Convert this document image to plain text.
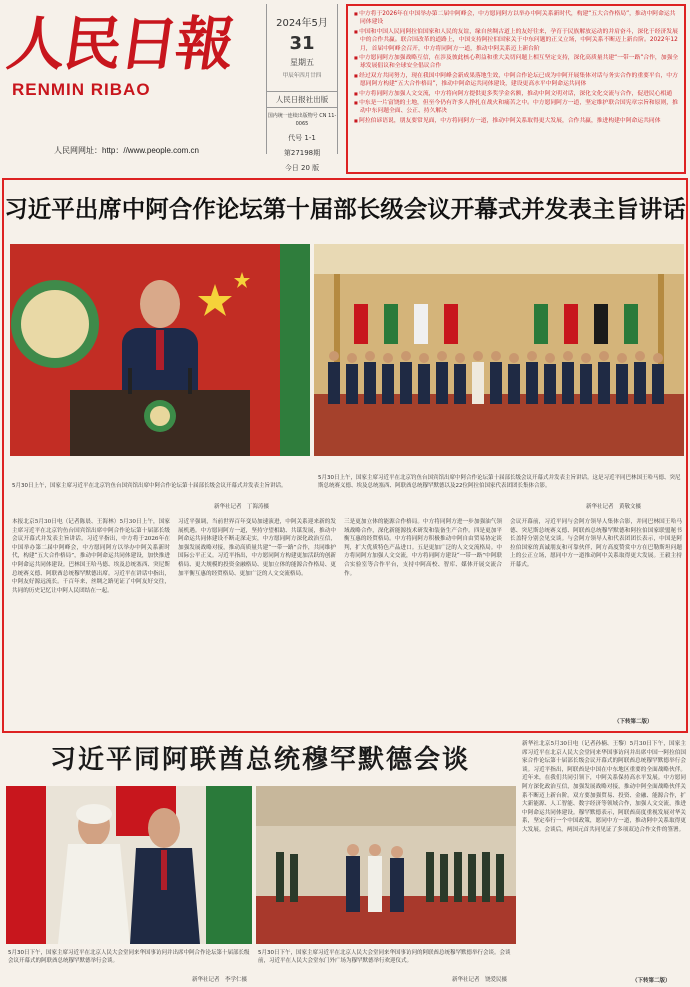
人民日報
RENMIN RIBAO
人民网网址：http：//www.people.com.cn
2024年5月
31
星期五
甲辰年四月廿四
人民日报社出版
国内统一连续出版物号 CN 11-0065
代号 1-1
第27198期
今日 20 版
■ 中方将于2026年在中国举办第二届中阿峰会，中方愿同阿方以举办中阿关系新时代，构建“五大合作格局”，推动中阿命运共同体建设
■ 中国和中国人民同阿拉伯国家和人民的友谊，缘自丝绸古道上的友好往来，孕育于民族解放运动的并肩奋斗，深化于经济发展中的合作共赢。联合国改革的道路上，中国支持阿拉伯国家关于中东问题的正义立场，中阿关系不断迈上新台阶。2022年12月，首届中阿峰会召开，中方将同阿方一道，推动中阿关系迈上新台阶
■ 中方愿同阿方加强战略互信，在涉及彼此核心利益和重大关切问题上相互坚定支持，深化高质量共建“一带一路”合作，加强全球发展倡议和全球安全倡议合作
■ 经过双方共同努力，现在我国中阿峰会新成果落地生效，中阿合作论坛已成为中阿开展集体对话与务实合作的重要平台，中方愿同阿方构建“五大合作格局”，推动中阿命运共同体建设，建设更高水平中阿命运共同体
■ 中方将同阿方加强人文交流，中方将向阿方提供更多奖学金名额，推动中阿文明对话，深化文化交流与合作，促进民心相通
■ 中东是一片富饶的土地，但至今仍有许多人挣扎在战火和痛苦之中。中方愿同阿方一道，坚定维护联合国宪章宗旨和原则，推动中东问题全面、公正、持久解决
■ 阿拉伯谚语说，朋友要常见面，中方将同阿方一道，推动中阿关系取得更大发展，合作共赢，推进构建中阿命运共同体
习近平出席中阿合作论坛第十届部长级会议开幕式并发表主旨讲话
5月30日上午，国家主席习近平在北京钓鱼台国宾馆出席中阿合作论坛第十届部长级会议开幕式并发表主旨讲话。
新华社记者　丁海涛摄
5月30日上午，国家主席习近平在北京钓鱼台国宾馆出席中阿合作论坛第十届部长级会议开幕式并发表主旨讲话。这是习近平同巴林国王哈马德、突尼斯总统赛义德、埃及总统塞西、阿联酋总统穆罕默德以及22位阿拉伯国家代表团团长集体合影。
新华社记者　黄敬文摄
本报北京5月30日电（记者陈晨、王海林）5月30日上午，国家主席习近平在北京钓鱼台国宾馆出席中阿合作论坛第十届部长级会议开幕式并发表主旨讲话。习近平指出，中方将于2026年在中国举办第二届中阿峰会，中方愿同阿方以举办中阿关系新时代，构建“五大合作格局”，推动中阿命运共同体建设，加快推进中阿命运共同体建设。巴林国王哈马德、埃及总统塞西、突尼斯总统赛义德、阿联酋总统穆罕默德出席。习近平在讲话中指出，中阿友好源远流长。千百年来，丝绸之路见证了中阿友好交往，共同的历史记忆让中阿人民团结在一起。
习近平强调，当前世界百年变局加速演进，中阿关系迎来新的发展机遇。中方愿同阿方一道，坚持守望相助、共谋发展，推动中阿命运共同体建设不断走深走实，中方愿同阿方深化政治互信，加强发展战略对接，推动高质量共建“一带一路”合作，共同维护国际公平正义。习近平指出，中方愿同阿方构建更加活跃的创新格局、更大规模的投资金融格局、更加立体的能源合作格局、更加平衡互惠的经贸格局、更加广泛的人文交流格局。
三是更加立体的能源合作格局。中方将同阿方进一步加强油气领域战略合作，深化新能源技术研发和装备生产合作。四是更加平衡互惠的经贸格局。中方将同阿方积极推动中阿自由贸易协定谈判，扩大优质特色产品进口。五是更加广泛的人文交流格局。中方将同阿方加强人文交流，中方将同阿方建设“一带一路”中阿联合实验室等合作平台，支持中阿高校、智库、媒体开展交流合作。
会议开幕前，习近平同与会阿方领导人集体合影，并同巴林国王哈马德、突尼斯总统赛义德、阿联酋总统穆罕默德和阿拉伯国家联盟秘书长盖特分别会见交谈。与会阿方领导人和代表团团长表示，中国是阿拉伯国家的真诚朋友和可靠伙伴，阿方高度赞赏中方在巴勒斯坦问题上的公正立场，愿同中方一道推动阿中关系取得更大发展。王毅主持开幕式。
（下转第二版）
习近平同阿联酋总统穆罕默德会谈
5月30日下午，国家主席习近平在北京人民大会堂同来华国事访问并出席中阿合作论坛第十届部长级会议开幕式的阿联酋总统穆罕默德举行会谈。
新华社记者　李学仁摄
5月30日下午，国家主席习近平在北京人民大会堂同来华国事访问的阿联酋总统穆罕默德举行会谈。会谈前，习近平在人民大会堂东门外广场为穆罕默德举行欢迎仪式。
新华社记者　饶爱民摄
新华社北京5月30日电（记者孙楠、王黎）5月30日下午，国家主席习近平在北京人民大会堂同来华国事访问并出席中国一阿拉伯国家合作论坛第十届部长级会议开幕式的阿联酋总统穆罕默德举行会谈。习近平指出，阿联酋是中国在中东地区重要的全面战略伙伴。近年来，在我们共同引领下，中阿关系保持高水平发展。中方愿同阿方深化政治互信，加强发展战略对接，推动中阿全面战略伙伴关系不断迈上新台阶。双方要加强贸易、投资、金融、能源合作，扩大新能源、人工智能、数字经济等领域合作，加强人文交流，推进中阿命运共同体建设。穆罕默德表示，阿联酋高度重视发展对华关系，坚定奉行一个中国政策，愿同中方一道，推动阿中关系取得更大发展。会谈后，两国元首共同见证了多项双边合作文件的签署。
（下转第二版）
